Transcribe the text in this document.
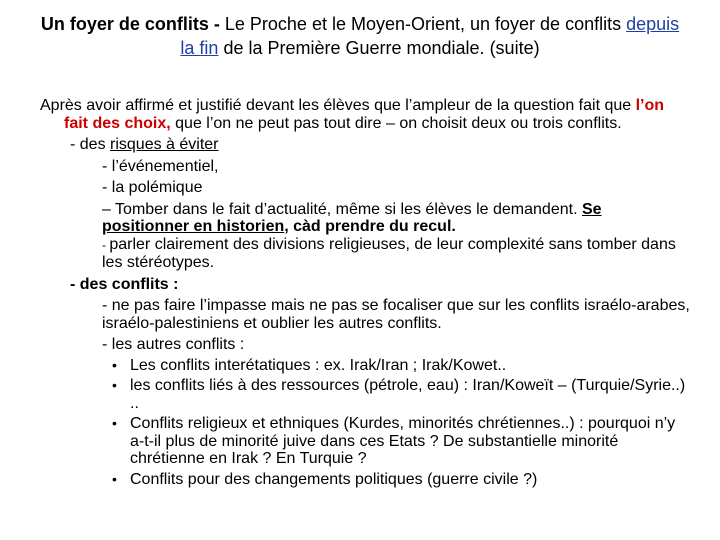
Un foyer de conflits - Le Proche et le Moyen-Orient, un foyer de conflits depuis la fin de la Première Guerre mondiale. (suite)

Après avoir affirmé et justifié devant les élèves que l’ampleur de la question fait que l’on fait des choix, que l’on ne peut pas tout dire – on choisit deux ou trois conflits.

- des risques à éviter

- l’événementiel,

- la polémique

– Tomber dans le fait d’actualité, même si les élèves le demandent. Se positionner en historien, càd prendre du recul.

- parler clairement des divisions religieuses, de leur complexité sans tomber dans les stéréotypes.

- des conflits :

- ne pas faire l’impasse mais ne pas se focaliser que sur les conflits israélo-arabes, israélo-palestiniens et oublier les autres conflits.

- les autres conflits :

• Les conflits interétatiques : ex. Irak/Iran ; Irak/Kowet..
• les conflits liés à des ressources (pétrole, eau) : Iran/Koweït – (Turquie/Syrie..) ..
• Conflits religieux et ethniques (Kurdes, minorités chrétiennes..) : pourquoi n’y a-t-il plus de minorité juive dans ces Etats ? De substantielle minorité chrétienne en Irak ? En Turquie ?
• Conflits pour des changements politiques (guerre civile ?)
